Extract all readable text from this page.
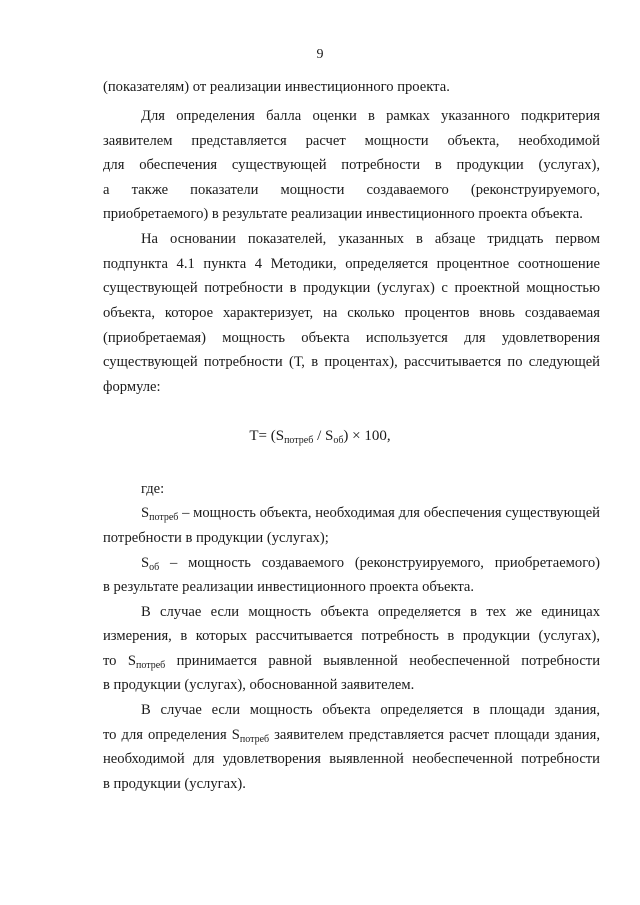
9
(показателям) от реализации инвестиционного проекта.
Для определения балла оценки в рамках указанного подкритерия
заявителем представляется расчет мощности объекта, необходимой
для обеспечения существующей потребности в продукции (услугах),
а также показатели мощности создаваемого (реконструируемого,
приобретаемого) в результате реализации инвестиционного проекта объекта.
На основании показателей, указанных в абзаце тридцать первом
подпункта 4.1 пункта 4 Методики, определяется процентное соотношение
существующей потребности в продукции (услугах) с проектной мощностью
объекта, которое характеризует, на сколько процентов вновь создаваемая
(приобретаемая) мощность объекта используется для удовлетворения
существующей потребности (Т, в процентах), рассчитывается по следующей
формуле:
$Т= (S_{потреб} / S_{об}) \times 100$,
где:
$S_{потреб}$ – мощность объекта, необходимая для обеспечения существующей
потребности в продукции (услугах);
$S_{об}$ – мощность создаваемого (реконструируемого, приобретаемого)
в результате реализации инвестиционного проекта объекта.
В случае если мощность объекта определяется в тех же единицах
измерения, в которых рассчитывается потребность в продукции (услугах),
то $S_{потреб}$ принимается равной выявленной необеспеченной потребности
в продукции (услугах), обоснованной заявителем.
В случае если мощность объекта определяется в площади здания,
то для определения $S_{потреб}$ заявителем представляется расчет площади здания,
необходимой для удовлетворения выявленной необеспеченной потребности
в продукции (услугах).
